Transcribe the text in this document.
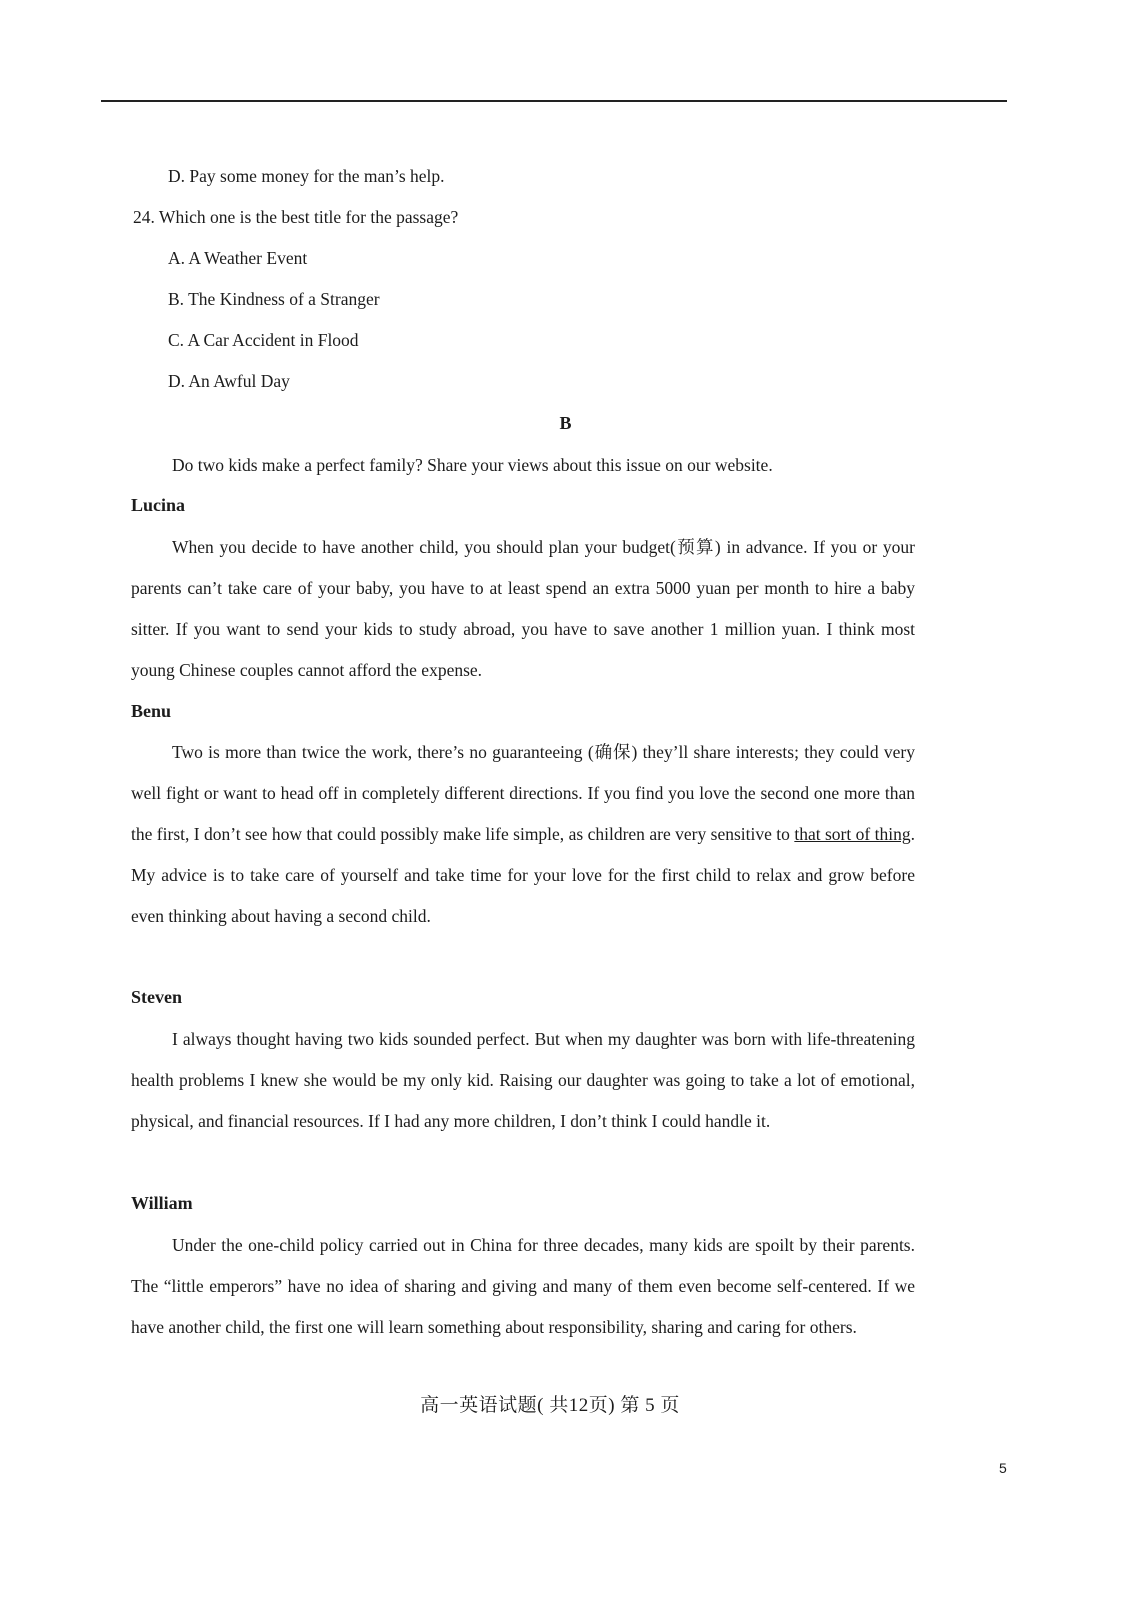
D. Pay some money for the man’s help.
24. Which one is the best title for the passage?
A. A Weather Event
B. The Kindness of a Stranger
C. A Car Accident in Flood
D. An Awful Day
B

Do two kids make a perfect family? Share your views about this issue on our website.

Lucina

When you decide to have another child, you should plan your budget(预算) in advance. If you or your parents can’t take care of your baby, you have to at least spend an extra 5000 yuan per month to hire a baby sitter. If you want to send your kids to study abroad, you have to save another 1 million yuan. I think most young Chinese couples cannot afford the expense.

Benu

Two is more than twice the work, there’s no guaranteeing (确保) they’ll share interests; they could very well fight or want to head off in completely different directions. If you find you love the second one more than the first, I don’t see how that could possibly make life simple, as children are very sensitive to that sort of thing. My advice is to take care of yourself and take time for your love for the first child to relax and grow before even thinking about having a second child.

Steven

I always thought having two kids sounded perfect. But when my daughter was born with life-threatening health problems I knew she would be my only kid. Raising our daughter was going to take a lot of emotional, physical, and financial resources. If I had any more children, I don’t think I could handle it.

William

Under the one-child policy carried out in China for three decades, many kids are spoilt by their parents. The “little emperors” have no idea of sharing and giving and many of them even become self-centered. If we have another child, the first one will learn something about responsibility, sharing and caring for others.

高一英语试题( 共12页) 第 5 页
5
